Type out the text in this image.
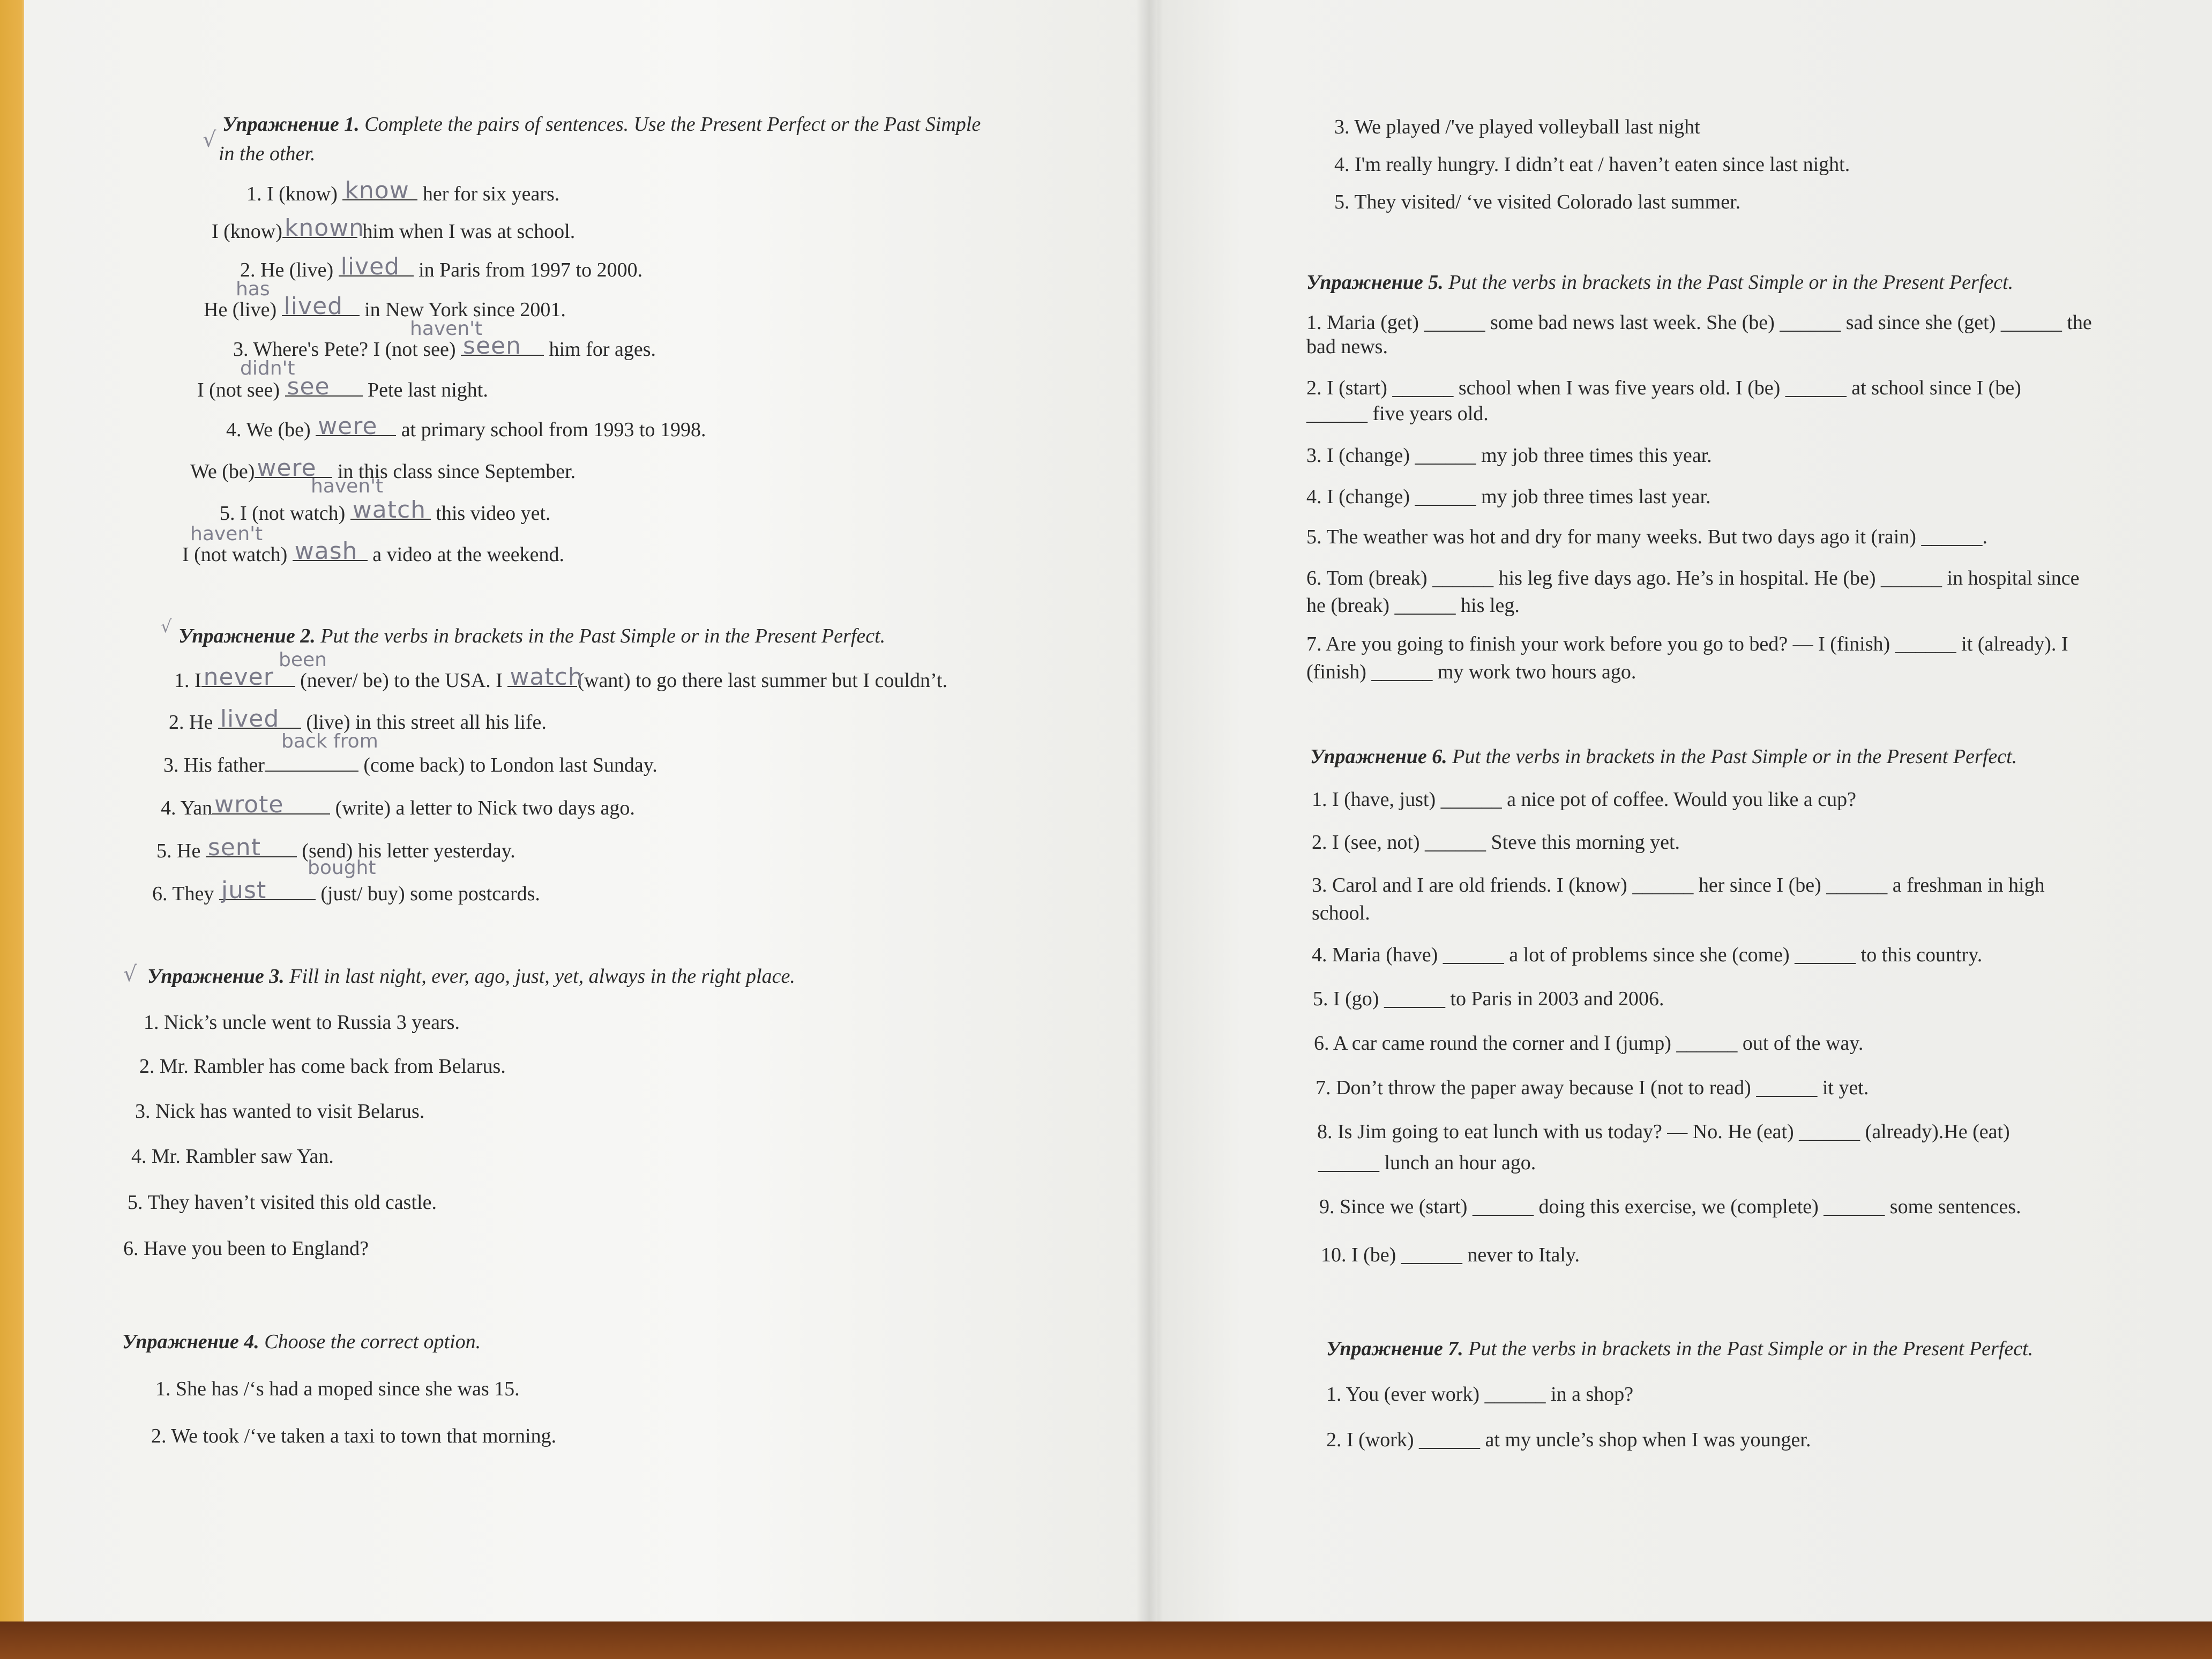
√
Упражнение 1. Complete the pairs of sentences. Use the Present Perfect or the Past Simple
in the other.
1. I (know) know her for six years.
I (know) known
him when I was at school.
2. He (live) lived in Paris from 1997 to 2000.
has
He (live) lived in New York since 2001.
haven't
3. Where's Pete? I (not see) seen him for ages.
didn't
I (not see) see Pete last night.
4. We (be) were at primary school from 1993 to 1998.
We (be) were in this class since September.
haven't
5. I (not watch) watch this video yet.
haven't
I (not watch) wash a video at the weekend.
√ Упражнение 2. Put the verbs in brackets in the Past Simple or in the Present Perfect.
been
1. I never (never/ be) to the USA. I watch
(want) to go there last summer but I couldn’t.
2. He lived (live) in this street all his life.
back from
3. His father	(come back) to London last Sunday.
4. Yan wrote	(write) a letter to Nick two days ago.
5. He sent (send) his letter yesterday.
bought
6. They just	(just/ buy) some postcards.
√ Упражнение 3. Fill in last night, ever, ago, just, yet, always in the right place.
1. Nick’s uncle went to Russia 3 years.
2. Mr. Rambler has come back from Belarus.
3. Nick has wanted to visit Belarus.
4. Mr. Rambler saw Yan.
5. They haven’t visited this old castle.
6. Have you been to England?
Упражнение 4. Choose the correct option.
1. She has /‘s had a moped since she was 15.
2. We took /‘ve taken a taxi to town that morning.
3. We played /'ve played volleyball last night
4. I'm really hungry. I didn’t eat / haven’t eaten since last night.
5. They visited/ ‘ve visited Colorado last summer.
Упражнение 5. Put the verbs in brackets in the Past Simple or in the Present Perfect.
1. Maria (get) ______ some bad news last week. She (be) ______ sad since she (get) ______ the
bad news.
2. I (start) ______ school when I was five years old. I (be) ______ at school since I (be)
______ five years old.
3. I (change) ______ my job three times this year.
4. I (change) ______ my job three times last year.
5. The weather was hot and dry for many weeks. But two days ago it (rain) ______.
6. Tom (break) ______ his leg five days ago. He’s in hospital. He (be) ______ in hospital since
he (break) ______ his leg.
7. Are you going to finish your work before you go to bed? — I (finish) ______ it (already). I
(finish) ______ my work two hours ago.
Упражнение 6. Put the verbs in brackets in the Past Simple or in the Present Perfect.
1. I (have, just) ______ a nice pot of coffee. Would you like a cup?
2. I (see, not) ______ Steve this morning yet.
3. Carol and I are old friends. I (know) ______ her since I (be) ______ a freshman in high
school.
4. Maria (have) ______ a lot of problems since she (come) ______ to this country.
5. I (go) ______ to Paris in 2003 and 2006.
6. A car came round the corner and I (jump) ______ out of the way.
7. Don’t throw the paper away because I (not to read) ______ it yet.
8. Is Jim going to eat lunch with us today? — No. He (eat) ______ (already).He (eat)
______ lunch an hour ago.
9. Since we (start) ______ doing this exercise, we (complete) ______ some sentences.
10. I (be) ______ never to Italy.
Упражнение 7. Put the verbs in brackets in the Past Simple or in the Present Perfect.
1. You (ever work) ______ in a shop?
2. I (work) ______ at my uncle’s shop when I was younger.
